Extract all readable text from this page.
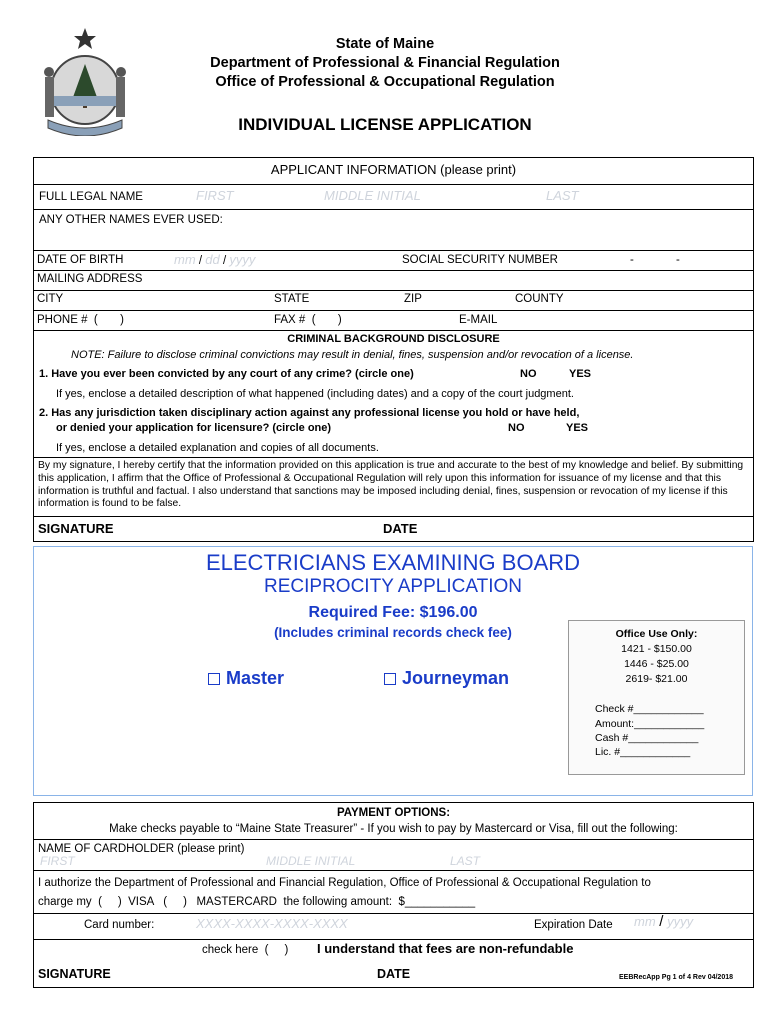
State of Maine
Department of Professional & Financial Regulation
Office of Professional & Occupational Regulation
INDIVIDUAL LICENSE APPLICATION
APPLICANT INFORMATION (please print)
FULL LEGAL NAME	FIRST	MIDDLE INITIAL	LAST
ANY OTHER NAMES EVER USED:
DATE OF BIRTH	mm / dd / yyyy	SOCIAL SECURITY NUMBER	-	-
MAILING ADDRESS
CITY	STATE	ZIP	COUNTY
PHONE #  (       )	FAX #  (       )	E-MAIL
CRIMINAL BACKGROUND DISCLOSURE
NOTE: Failure to disclose criminal convictions may result in denial, fines, suspension and/or revocation of a license.
1. Have you ever been convicted by any court of any crime? (circle one)	NO	YES
If yes, enclose a detailed description of what happened (including dates) and a copy of the court judgment.
2. Has any jurisdiction taken disciplinary action against any professional license you hold or have held,
or denied your application for licensure? (circle one)	NO	YES
If yes, enclose a detailed explanation and copies of all documents.
By my signature, I hereby certify that the information provided on this application is true and accurate to the best of my knowledge and belief. By submitting this application, I affirm that the Office of Professional & Occupational Regulation will rely upon this information for issuance of my license and that this information is truthful and factual. I also understand that sanctions may be imposed including denial, fines, suspension or revocation of my license if this information is found to be false.
SIGNATURE	DATE
ELECTRICIANS EXAMINING BOARD
RECIPROCITY APPLICATION
Required Fee: $196.00
(Includes criminal records check fee)
Master	Journeyman
Office Use Only:
1421 - $150.00
1446 - $25.00
2619- $21.00
Check #____________
Amount:____________
Cash #____________
Lic. #____________
PAYMENT OPTIONS:
Make checks payable to “Maine State Treasurer” - If you wish to pay by Mastercard or Visa, fill out the following:
NAME OF CARDHOLDER (please print)
FIRST	MIDDLE INITIAL	LAST
I authorize the Department of Professional and Financial Regulation, Office of Professional & Occupational Regulation to
charge my  (     )  VISA   (     )   MASTERCARD  the following amount:  $___________
Card number:	XXXX-XXXX-XXXX-XXXX	Expiration Date mm / yyyy
check here  (     ) I understand that fees are non-refundable
SIGNATURE	DATE	EEBRecApp Pg 1 of 4 Rev 04/2018
